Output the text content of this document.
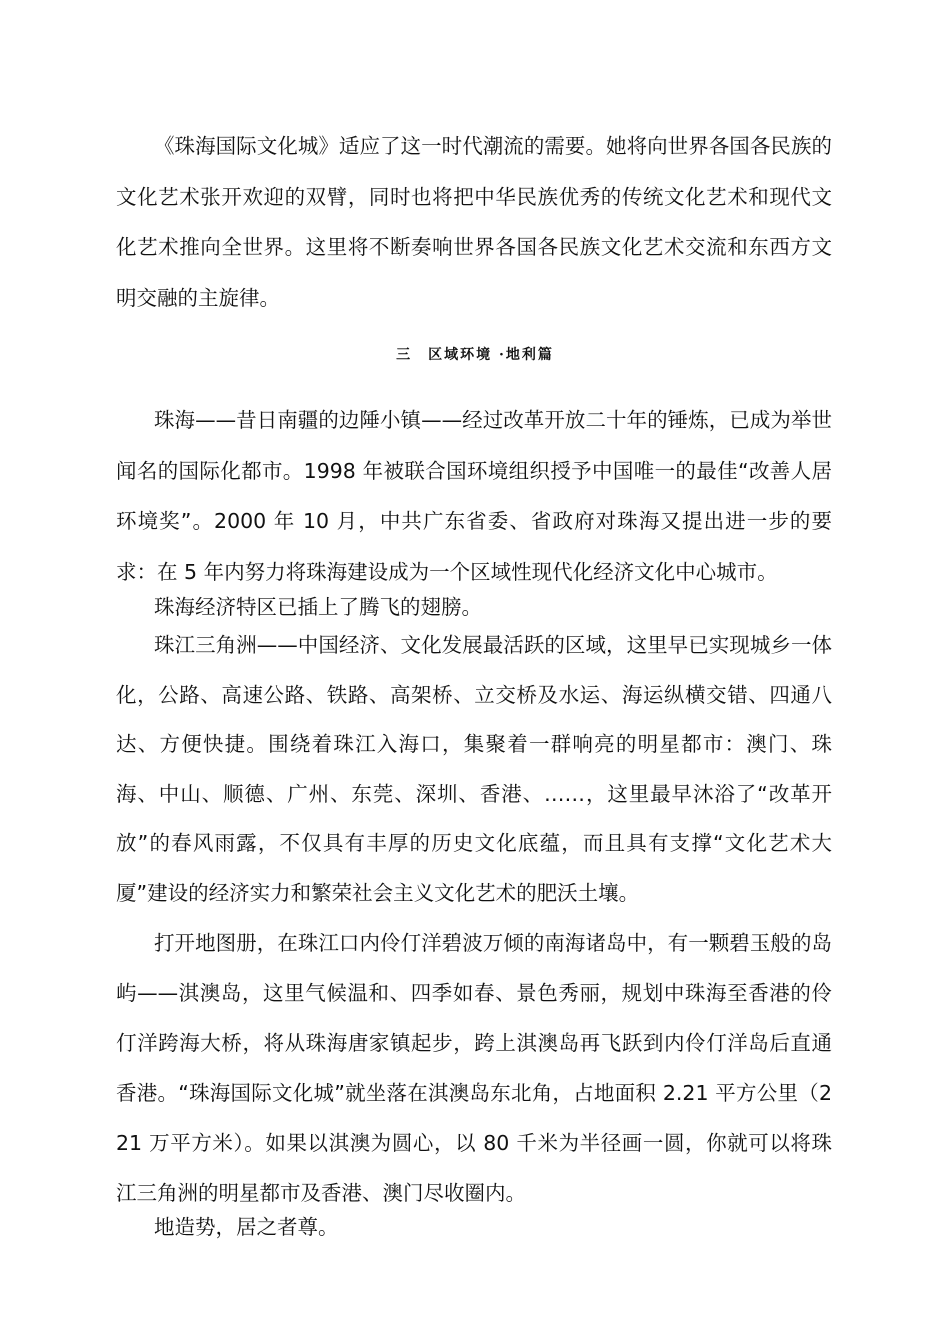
《珠海国际文化城》适应了这一时代潮流的需要。她将向世界各国各民族的文化艺术张开欢迎的双臂，同时也将把中华民族优秀的传统文化艺术和现代文化艺术推向全世界。这里将不断奏响世界各国各民族文化艺术交流和东西方文明交融的主旋律。

三　区域环境 ·地利篇

珠海——昔日南疆的边陲小镇——经过改革开放二十年的锤炼，已成为举世闻名的国际化都市。1998 年被联合国环境组织授予中国唯一的最佳“改善人居环境奖”。2000 年 10 月，中共广东省委、省政府对珠海又提出进一步的要求：在 5 年内努力将珠海建设成为一个区域性现代化经济文化中心城市。

珠海经济特区已插上了腾飞的翅膀。

珠江三角洲——中国经济、文化发展最活跃的区域，这里早已实现城乡一体化，公路、高速公路、铁路、高架桥、立交桥及水运、海运纵横交错、四通八达、方便快捷。围绕着珠江入海口，集聚着一群响亮的明星都市：澳门、珠海、中山、顺德、广州、东莞、深圳、香港、……，这里最早沐浴了“改革开放”的春风雨露，不仅具有丰厚的历史文化底蕴，而且具有支撑“文化艺术大厦”建设的经济实力和繁荣社会主义文化艺术的肥沃土壤。

打开地图册，在珠江口内伶仃洋碧波万倾的南海诸岛中，有一颗碧玉般的岛屿——淇澳岛，这里气候温和、四季如春、景色秀丽，规划中珠海至香港的伶仃洋跨海大桥，将从珠海唐家镇起步，跨上淇澳岛再飞跃到内伶仃洋岛后直通香港。“珠海国际文化城”就坐落在淇澳岛东北角，占地面积 2.21 平方公里（221 万平方米）。如果以淇澳为圆心，以 80 千米为半径画一圆，你就可以将珠江三角洲的明星都市及香港、澳门尽收圈内。

地造势，居之者尊。
